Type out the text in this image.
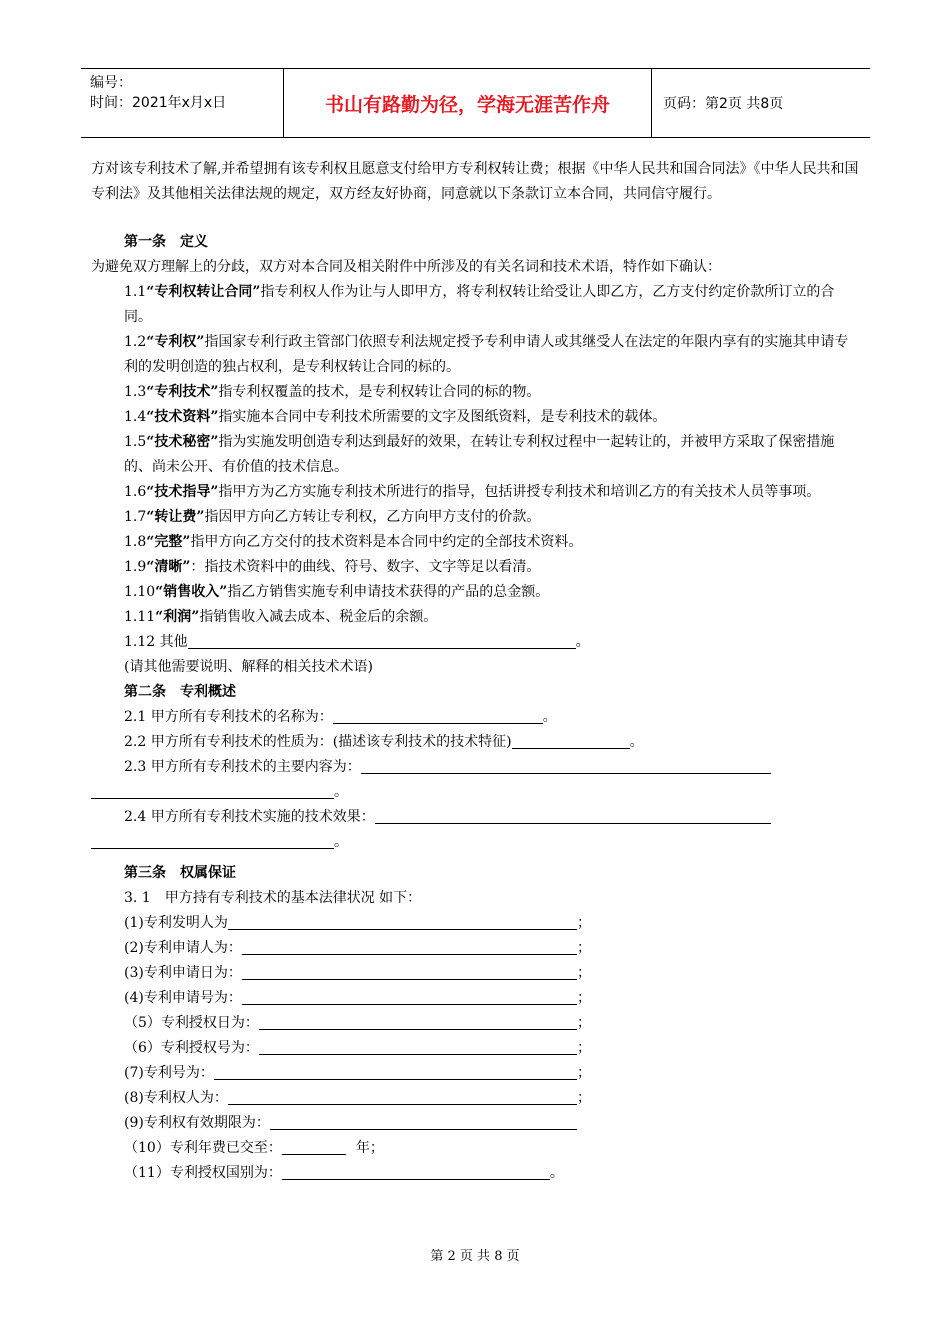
编号：
时间：2021年x月x日	书山有路勤为径，学海无涯苦作舟	页码：第2页 共8页

方对该专利技术了解,并希望拥有该专利权且愿意支付给甲方专利权转让费；根据《中华人民共和国合同法》《中华人民共和国专利法》及其他相关法律法规的规定，双方经友好协商，同意就以下条款订立本合同，共同信守履行。

第一条　定义

为避免双方理解上的分歧，双方对本合同及相关附件中所涉及的有关名词和技术术语，特作如下确认：

1.1“专利权转让合同”指专利权人作为让与人即甲方，将专利权转让给受让人即乙方，乙方支付约定价款所订立的合同。

1.2“专利权”指国家专利行政主管部门依照专利法规定授予专利申请人或其继受人在法定的年限内享有的实施其申请专利的发明创造的独占权利，是专利权转让合同的标的。

1.3“专利技术”指专利权覆盖的技术，是专利权转让合同的标的物。

1.4“技术资料”指实施本合同中专利技术所需要的文字及图纸资料，是专利技术的载体。

1.5“技术秘密”指为实施发明创造专利达到最好的效果，在转让专利权过程中一起转让的，并被甲方采取了保密措施的、尚未公开、有价值的技术信息。

1.6“技术指导”指甲方为乙方实施专利技术所进行的指导，包括讲授专利技术和培训乙方的有关技术人员等事项。

1.7“转让费”指因甲方向乙方转让专利权，乙方向甲方支付的价款。

1.8“完整”指甲方向乙方交付的技术资料是本合同中约定的全部技术资料。

1.9“清晰”：指技术资料中的曲线、符号、数字、文字等足以看清。

1.10“销售收入”指乙方销售实施专利申请技术获得的产品的总金额。

1.11“利润”指销售收入减去成本、税金后的余额。

1.12 其他	。

(请其他需要说明、解释的相关技术术语)

第二条　专利概述

2.1 甲方所有专利技术的名称为：	。

2.2 甲方所有专利技术的性质为：(描述该专利技术的技术特征)	。

2.3 甲方所有专利技术的主要内容为：

。

2.4 甲方所有专利技术实施的技术效果：

。

第三条　权属保证

3. 1　甲方持有专利技术的基本法律状况 如下：

(1)专利发明人为	；

(2)专利申请人为：	；

(3)专利申请日为：	；

(4)专利申请号为：	；

（5）专利授权日为：	；

（6）专利授权号为：	；

(7)专利号为：	；

(8)专利权人为：	；

(9)专利权有效期限为：

（10）专利年费已交至：	年；

（11）专利授权国别为：	。

第 2 页 共 8 页
